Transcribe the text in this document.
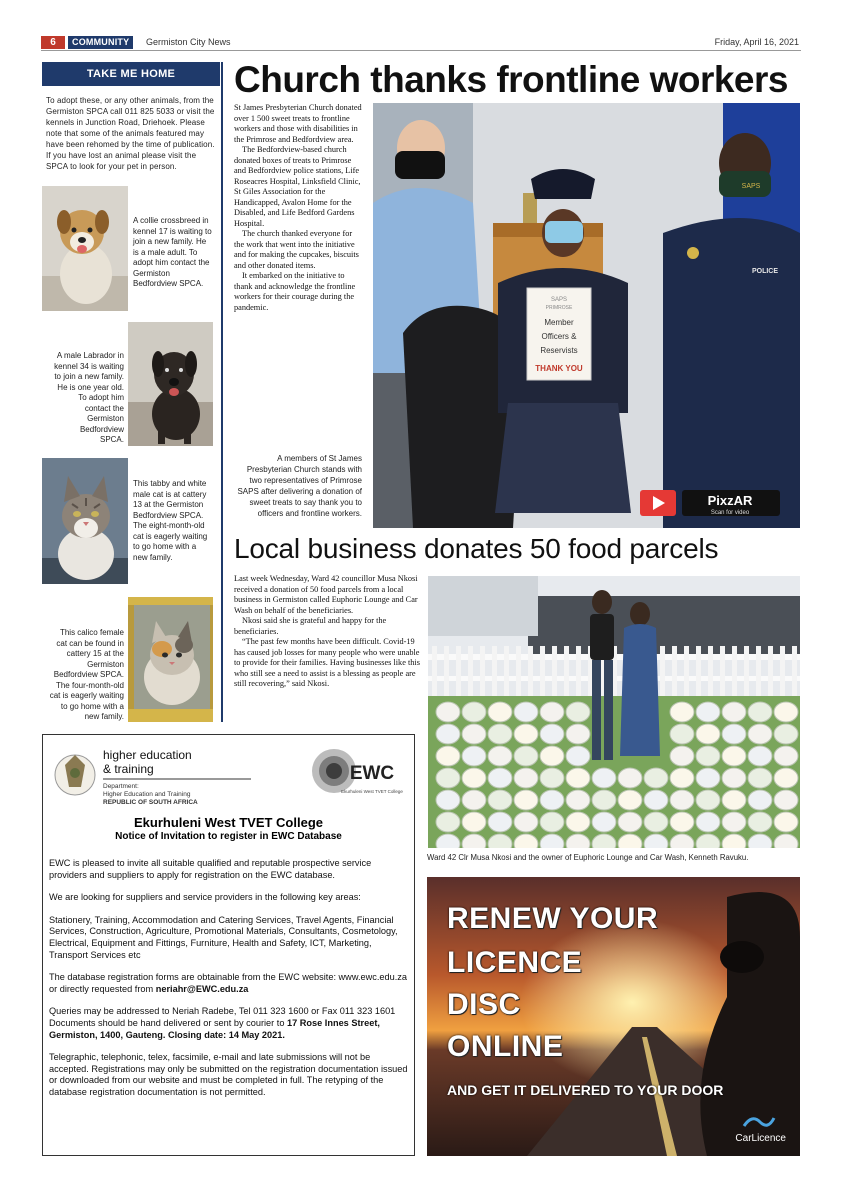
6	COMMUNITY	Germiston City News	Friday, April 16, 2021
TAKE ME HOME
To adopt these, or any other animals, from the Germiston SPCA call 011 825 5033 or visit the kennels in Junction Road, Driehoek. Please note that some of the animals featured may have been rehomed by the time of publication. If you have lost an animal please visit the SPCA to look for your pet in person.
A collie crossbreed in kennel 17 is waiting to join a new family. He is a male adult. To adopt him contact the Germiston Bedfordview SPCA.
A male Labrador in kennel 34 is waiting to join a new family. He is one year old. To adopt him contact the Germiston Bedfordview SPCA.
This tabby and white male cat is at cattery 13 at the Germiston Bedfordview SPCA. The eight-month-old cat is eagerly waiting to go home with a new family.
This calico female cat can be found in cattery 15 at the Germiston Bedfordview SPCA. The four-month-old cat is eagerly waiting to go home with a new family.
Church thanks frontline workers

St James Presbyterian Church donated over 1 500 sweet treats to frontline workers and those with disabilities in the Primrose and Bedfordview area.

The Bedfordview-based church donated boxes of treats to Primrose and Bedfordview police stations, Life Roseacres Hospital, Linksfield Clinic, St Giles Association for the Handicapped, Avalon Home for the Disabled, and Life Bedford Gardens Hospital.

The church thanked everyone for the work that went into the initiative and for making the cupcakes, biscuits and other donated items.

It embarked on the initiative to thank and acknowledge the frontline workers for their courage during the pandemic.

A members of St James Presbyterian Church stands with two representatives of Primrose SAPS after delivering a donation of sweet treats to say thank you to officers and frontline workers.
SAPS
PRIMROSE
Member
Officers &
Reservists
THANK YOU
SAPS
POLICE
PixzAR
Scan for video
Local business donates 50 food parcels

Last week Wednesday, Ward 42 councillor Musa Nkosi received a donation of 50 food parcels from a local business in Germiston called Euphoric Lounge and Car Wash on behalf of the beneficiaries.

Nkosi said she is grateful and happy for the beneficiaries.

“The past few months have been difficult. Covid-19 has caused job losses for many people who were unable to provide for their families. Having businesses like this who still see a need to assist is a blessing as people are still recovering,” said Nkosi.

Ward 42 Clr Musa Nkosi and the owner of Euphoric Lounge and Car Wash, Kenneth Ravuku.
higher education
& training
Department:
Higher Education and Training
REPUBLIC OF SOUTH AFRICA
EWC
Ekurhuleni West TVET College
Ekurhuleni West TVET College
Notice of Invitation to register in EWC Database

EWC is pleased to invite all suitable qualified and reputable prospective service providers and suppliers to apply for registration on the EWC database.

We are looking for suppliers and service providers in the following key areas:

Stationery, Training, Accommodation and Catering Services, Travel Agents, Financial Services, Construction, Agriculture, Promotional Materials, Consultants, Cosmetology, Electrical, Equipment and Fittings, Furniture, Health and Safety, ICT, Marketing, Transport Services etc

The database registration forms are obtainable from the EWC website: www.ewc.edu.za or directly requested from neriahr@EWC.edu.za

Queries may be addressed to Neriah Radebe, Tel 011 323 1600 or Fax 011 323 1601

Documents should be hand delivered or sent by courier to 17 Rose Innes Street, Germiston, 1400, Gauteng. Closing date: 14 May 2021.

Telegraphic, telephonic, telex, facsimile, e-mail and late submissions will not be accepted. Registrations may only be submitted on the registration documentation issued or downloaded from our website and must be completed in full. The retyping of the database registration documentation is not permitted.

RENEW YOUR
LICENCE
DISC
ONLINE
AND GET IT DELIVERED TO YOUR DOOR
CarLicence
